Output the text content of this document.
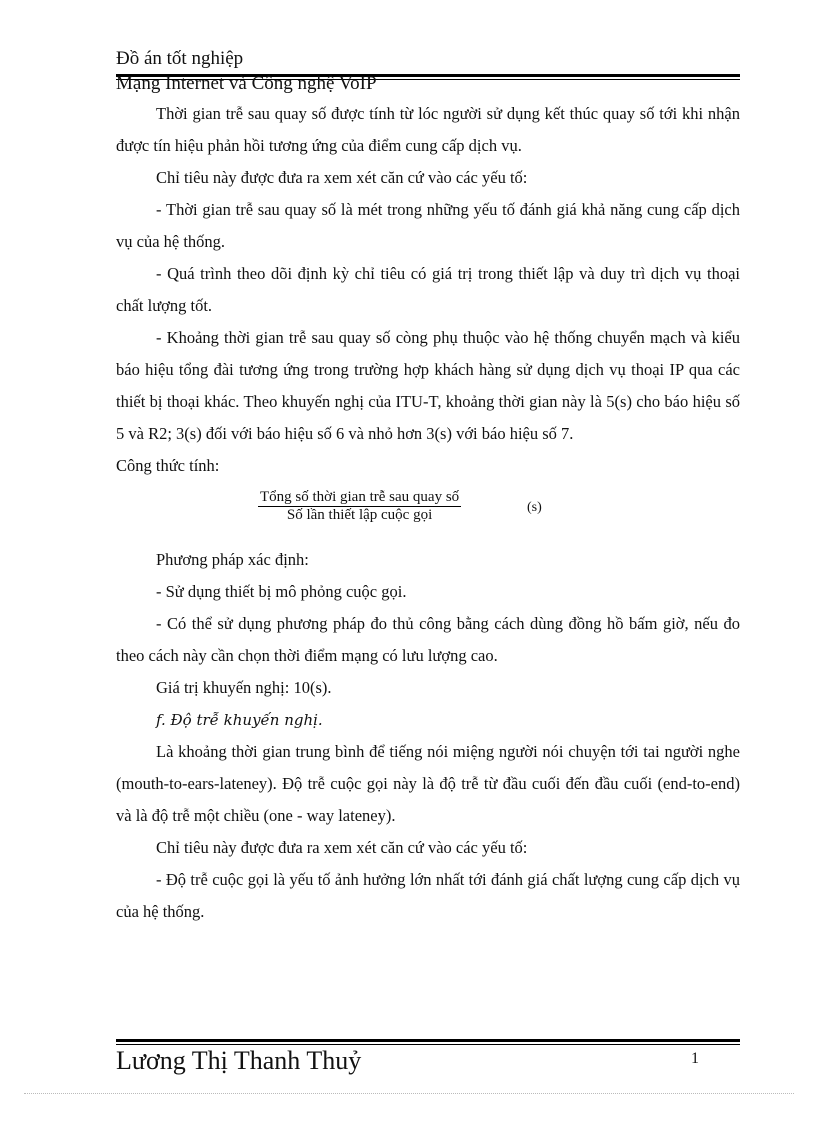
Đồ án tốt nghiệp
Mạng Internet và Công nghệ VoIP

Thời gian trễ sau quay số được tính từ lóc người sử dụng kết thúc quay số tới khi nhận được tín hiệu phản hồi tương ứng của điểm cung cấp dịch vụ.

Chỉ tiêu này được đưa ra xem xét căn cứ vào các yếu tố:

- Thời gian trễ sau quay số là mét trong những yếu tố đánh giá khả năng cung cấp dịch vụ của hệ thống.

- Quá trình theo dõi định kỳ chỉ tiêu có giá trị trong thiết lập và duy trì dịch vụ thoại chất lượng tốt.

- Khoảng thời gian trễ sau quay số còng phụ thuộc vào hệ thống chuyển mạch và kiểu báo hiệu tổng đài tương ứng trong trường hợp khách hàng sử dụng dịch vụ thoại IP qua các thiết bị thoại khác. Theo khuyến nghị của ITU-T, khoảng thời gian này là 5(s) cho báo hiệu số 5 và R2; 3(s) đối với báo hiệu số 6 và nhỏ hơn 3(s) với báo hiệu số 7.

Công thức tính:

Tổng số thời gian trễ sau quay số
Số lần thiết lập cuộc gọi	(s)

Phương pháp xác định:

- Sử dụng thiết bị mô phỏng cuộc gọi.

- Có thể sử dụng phương pháp đo thủ công bằng cách dùng đồng hồ bấm giờ, nếu đo theo cách này cần chọn thời điểm mạng có lưu lượng cao.

Giá trị khuyến nghị: 10(s).

f. Độ trễ khuyến nghị.

Là khoảng thời gian trung bình để tiếng nói miệng người nói chuyện tới tai người nghe (mouth-to-ears-lateney). Độ trễ cuộc gọi này là độ trễ từ đầu cuối đến đầu cuối (end-to-end) và là độ trễ một chiều (one - way lateney).

Chỉ tiêu này được đưa ra xem xét căn cứ vào các yếu tố:

- Độ trễ cuộc gọi là yếu tố ảnh hưởng lớn nhất tới đánh giá chất lượng cung cấp dịch vụ của hệ thống.

Lương Thị Thanh Thuỷ	1
